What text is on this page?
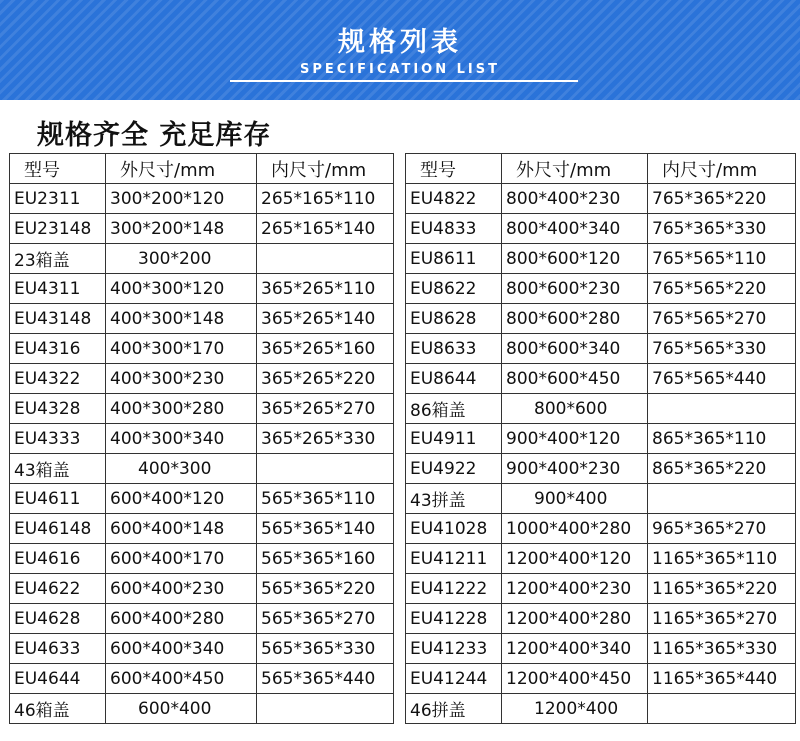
规格列表
SPECIFICATION LIST
规格齐全 充足库存
型号	外尺寸/mm	内尺寸/mm
EU2311	300*200*120	265*165*110
EU23148	300*200*148	265*165*140
23箱盖	300*200	
EU4311	400*300*120	365*265*110
EU43148	400*300*148	365*265*140
EU4316	400*300*170	365*265*160
EU4322	400*300*230	365*265*220
EU4328	400*300*280	365*265*270
EU4333	400*300*340	365*265*330
43箱盖	400*300	
EU4611	600*400*120	565*365*110
EU46148	600*400*148	565*365*140
EU4616	600*400*170	565*365*160
EU4622	600*400*230	565*365*220
EU4628	600*400*280	565*365*270
EU4633	600*400*340	565*365*330
EU4644	600*400*450	565*365*440
46箱盖	600*400	
型号	外尺寸/mm	内尺寸/mm
EU4822	800*400*230	765*365*220
EU4833	800*400*340	765*365*330
EU8611	800*600*120	765*565*110
EU8622	800*600*230	765*565*220
EU8628	800*600*280	765*565*270
EU8633	800*600*340	765*565*330
EU8644	800*600*450	765*565*440
86箱盖	800*600	
EU4911	900*400*120	865*365*110
EU4922	900*400*230	865*365*220
43拼盖	900*400	
EU41028	1000*400*280	965*365*270
EU41211	1200*400*120	1165*365*110
EU41222	1200*400*230	1165*365*220
EU41228	1200*400*280	1165*365*270
EU41233	1200*400*340	1165*365*330
EU41244	1200*400*450	1165*365*440
46拼盖	1200*400	
